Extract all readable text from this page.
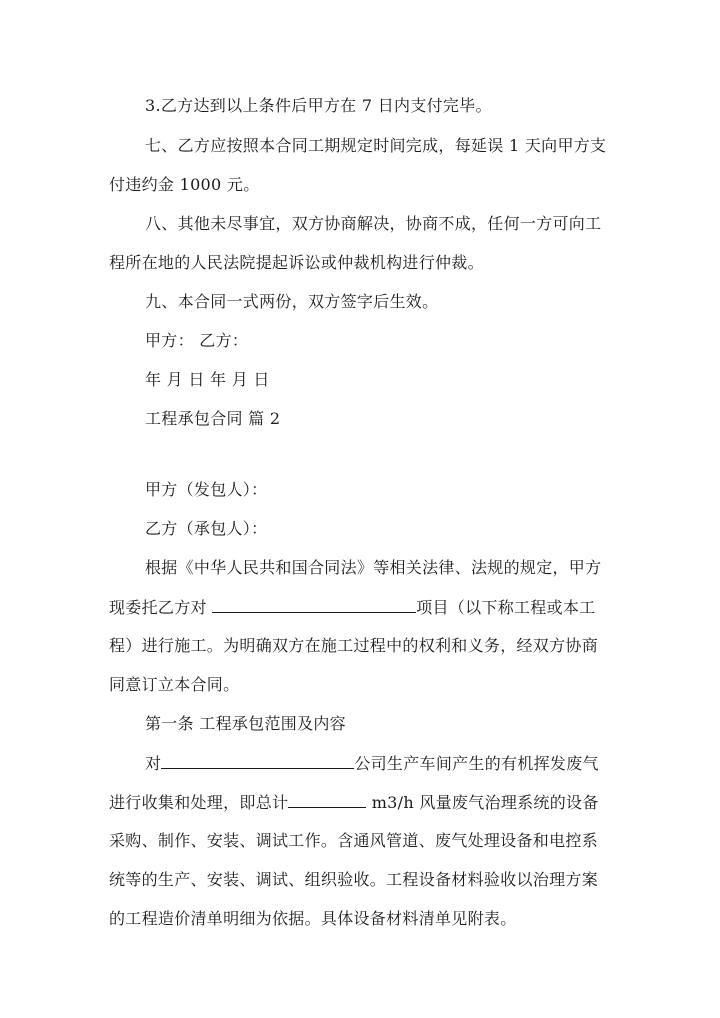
3.乙方达到以上条件后甲方在 7 日内支付完毕。
七、乙方应按照本合同工期规定时间完成，每延误 1 天向甲方支
付违约金 1000 元。
八、其他未尽事宜，双方协商解决，协商不成，任何一方可向工
程所在地的人民法院提起诉讼或仲裁机构进行仲裁。
九、本合同一式两份，双方签字后生效。
甲方： 乙方：
年 月 日 年 月 日
工程承包合同 篇 2
甲方（发包人）：
乙方（承包人）：
根据《中华人民共和国合同法》等相关法律、法规的规定，甲方
现委托乙方对	项目（以下称工程或本工
程）进行施工。为明确双方在施工过程中的权利和义务，经双方协商
同意订立本合同。
第一条 工程承包范围及内容
对	公司生产车间产生的有机挥发废气
进行收集和处理，即总计	m3/h 风量废气治理系统的设备
采购、制作、安装、调试工作。含通风管道、废气处理设备和电控系
统等的生产、安装、调试、组织验收。工程设备材料验收以治理方案
的工程造价清单明细为依据。具体设备材料清单见附表。
